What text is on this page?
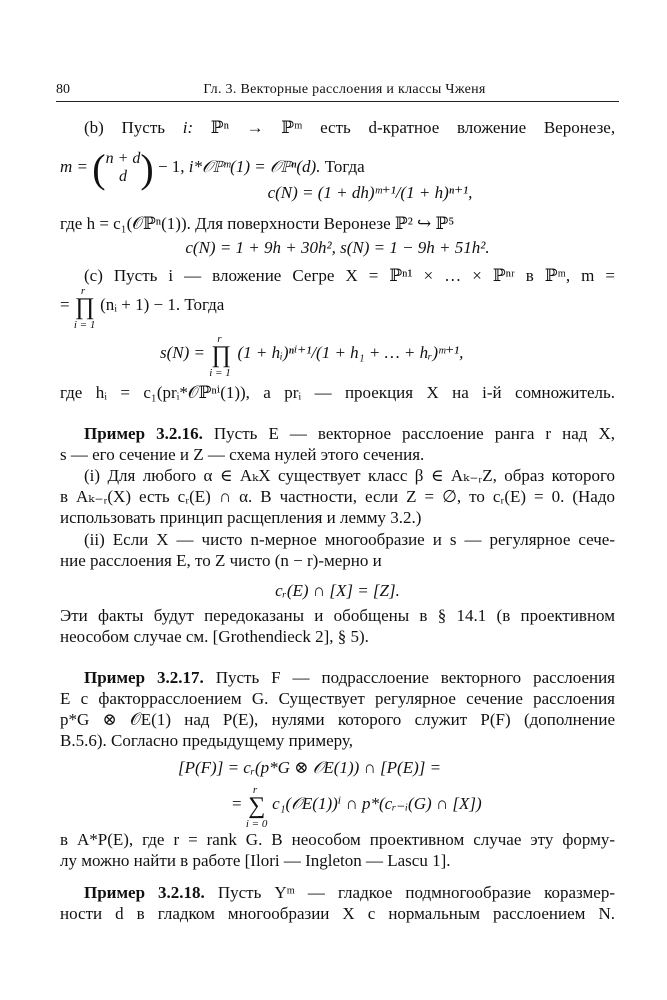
80	Гл. 3. Векторные расслоения и классы Чженя
(b) Пусть i: ℙⁿ → ℙᵐ есть d-кратное вложение Веронезе,
m = (n + d
d ) − 1, i*𝒪ℙᵐ(1) = 𝒪ℙⁿ(d). Тогда
c(N) = (1 + dh)ᵐ⁺¹/(1 + h)ⁿ⁺¹,
где h = c₁(𝒪ℙⁿ(1)). Для поверхности Веронезе ℙ² ↪ ℙ⁵
c(N) = 1 + 9h + 30h², s(N) = 1 − 9h + 51h².
(c) Пусть i — вложение Сегре X = ℙⁿ¹ × … × ℙⁿʳ в ℙᵐ, m =
=
r
∏
i = 1
(nᵢ + 1) − 1. Тогда
s(N) =
r
∏
i = 1
(1 + hᵢ)ⁿⁱ⁺¹/(1 + h₁ + … + hᵣ)ᵐ⁺¹,
где hᵢ = c₁(prᵢ*𝒪ℙⁿⁱ(1)), а prᵢ — проекция X на i-й сомножитель.
Пример 3.2.16. Пусть E — векторное расслоение ранга r над X,
s — его сечение и Z — схема нулей этого сечения.
(i) Для любого α ∈ AₖX существует класс β ∈ Aₖ₋ᵣZ, образ которого
в Aₖ₋ᵣ(X) есть cᵣ(E) ∩ α. В частности, если Z = ∅, то cᵣ(E) = 0. (Надо
использовать принцип расщепления и лемму 3.2.)
(ii) Если X — чисто n-мерное многообразие и s — регулярное сече-
ние расслоения E, то Z чисто (n − r)-мерно и
cᵣ(E) ∩ [X] = [Z].
Эти факты будут передоказаны и обобщены в § 14.1 (в проективном
неособом случае см. [Grothendieck 2], § 5).
Пример 3.2.17. Пусть F — подрасслоение векторного расслоения
E с факторрасслоением G. Существует регулярное сечение расслоения
p*G ⊗ 𝒪E(1) над P(E), нулями которого служит P(F) (дополнение
B.5.6). Согласно предыдущему примеру,
[P(F)] = cᵣ(p*G ⊗ 𝒪E(1)) ∩ [P(E)] =
=
r
∑
i = 0
c₁(𝒪E(1))ⁱ ∩ p*(cᵣ₋ᵢ(G) ∩ [X])
в A*P(E), где r = rank G. В неособом проективном случае эту форму-
лу можно найти в работе [Ilori — Ingleton — Lascu 1].
Пример 3.2.18. Пусть Yᵐ — гладкое подмногообразие коразмер-
ности d в гладком многообразии X с нормальным расслоением N.
